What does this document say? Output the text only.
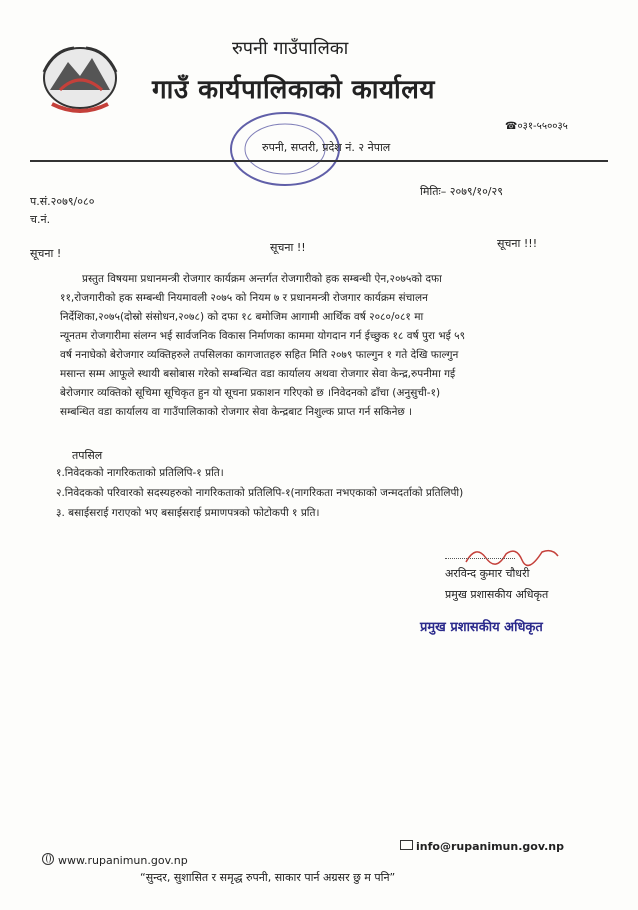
रुपनी गाउँपालिका
गाउँ कार्यपालिकाको कार्यालय
रुपनी, सप्तरी, प्रदेश नं. २ नेपाल
☎०३१-५५००३५
प.सं.२०७९/०८०
च.नं.
मितिः– २०७९/१०/२९
सूचना !	सूचना !!	सूचना !!!
प्रस्तुत विषयमा प्रधानमन्त्री रोजगार कार्यक्रम अन्तर्गत रोजगारीको हक सम्बन्धी ऐन,२०७५को दफा
११,रोजगारीको हक सम्बन्धी नियमावली २०७५ को नियम ७ र प्रधानमन्त्री रोजगार कार्यक्रम संचालन
निर्देशिका,२०७५(दोस्रो संसोधन,२०७८) को दफा १८ बमोजिम आगामी आर्थिक वर्ष २०८०/०८१ मा
न्यूनतम रोजगारीमा संलग्न भई सार्वजनिक विकास निर्माणका काममा योगदान गर्न ईच्छुक १८ वर्ष पुरा भई ५९
वर्ष ननाघेको बेरोजगार व्यक्तिहरुले तपसिलका कागजातहरु सहित मिति २०७९ फाल्गुन १ गते देखि फाल्गुन
मसान्त सम्म आफूले स्थायी बसोबास गरेको सम्बन्धित वडा कार्यालय अथवा रोजगार सेवा केन्द्र,रुपनीमा गई
बेरोजगार व्यक्तिको सूचिमा सूचिकृत हुन यो सूचना प्रकाशन गरिएको छ ।निवेदनको ढाँचा (अनुसुची-१)
सम्बन्धित वडा कार्यालय वा गाउँपालिकाको रोजगार सेवा केन्द्रबाट निशुल्क प्राप्त गर्न सकिनेछ ।
तपसिल
१.निवेदकको नागरिकताको प्रतिलिपि-१ प्रति।
२.निवेदकको परिवारको सदस्यहरुको नागरिकताको प्रतिलिपि-१(नागरिकता नभएकाको जन्मदर्ताको प्रतिलिपी)
३. बसाईसराई गराएको भए बसाईसराई प्रमाणपत्रको फोटोकपी १ प्रति।
अरविन्द कुमार चौधरी
प्रमुख प्रशासकीय अधिकृत
प्रमुख प्रशासकीय अधिकृत
info@rupanimun.gov.np
www.rupanimun.gov.np
“सुन्दर, सुशासित र समृद्ध रुपनी, साकार पार्न अग्रसर छु म पनि”
